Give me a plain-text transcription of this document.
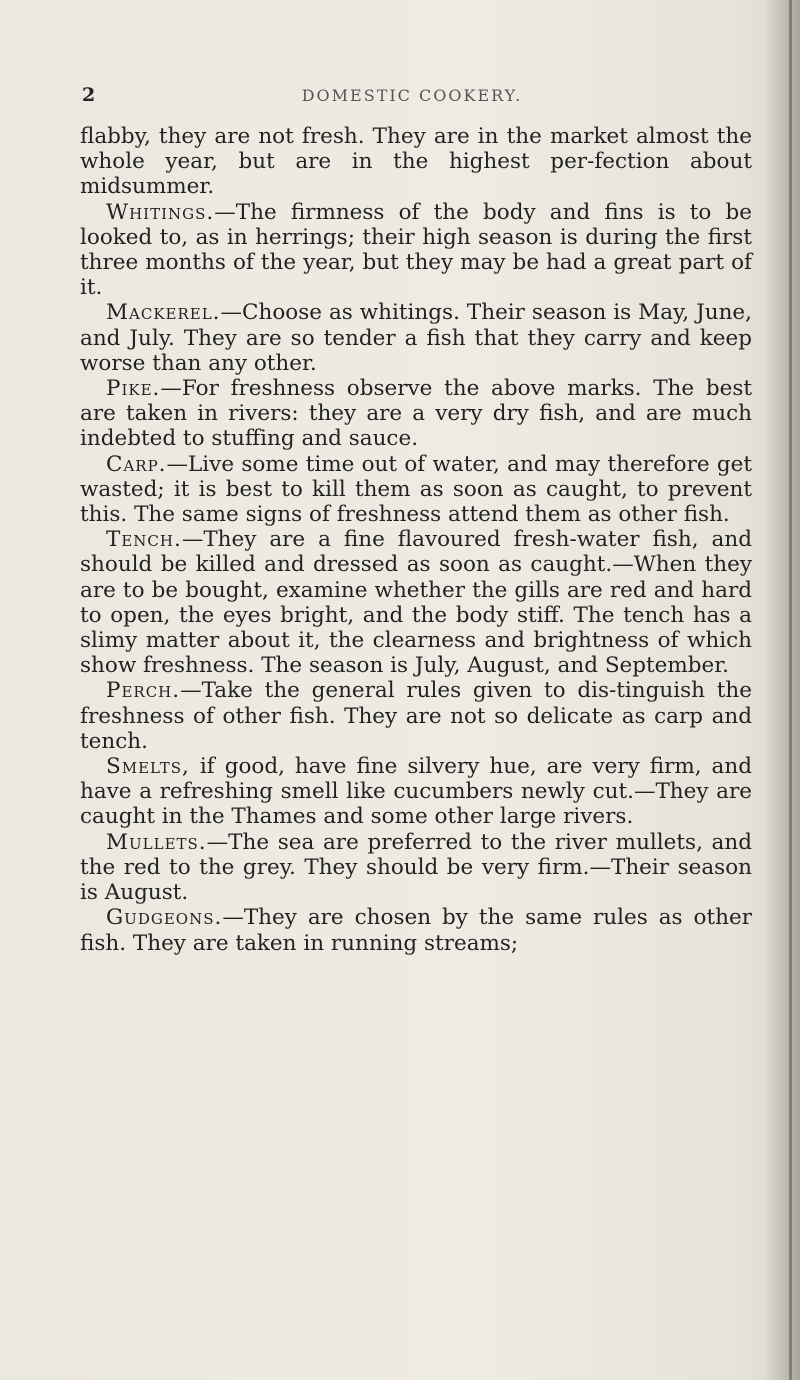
2	DOMESTIC COOKERY.

flabby, they are not fresh. They are in the market almost the whole year, but are in the highest per-fection about midsummer.

Whitings.—The firmness of the body and fins is to be looked to, as in herrings; their high season is during the first three months of the year, but they may be had a great part of it.

Mackerel.—Choose as whitings. Their season is May, June, and July. They are so tender a fish that they carry and keep worse than any other.

Pike.—For freshness observe the above marks. The best are taken in rivers: they are a very dry fish, and are much indebted to stuffing and sauce.

Carp.—Live some time out of water, and may therefore get wasted; it is best to kill them as soon as caught, to prevent this. The same signs of freshness attend them as other fish.

Tench.—They are a fine flavoured fresh-water fish, and should be killed and dressed as soon as caught.—When they are to be bought, examine whether the gills are red and hard to open, the eyes bright, and the body stiff. The tench has a slimy matter about it, the clearness and brightness of which show freshness. The season is July, August, and September.

Perch.—Take the general rules given to dis-tinguish the freshness of other fish. They are not so delicate as carp and tench.

Smelts, if good, have fine silvery hue, are very firm, and have a refreshing smell like cucumbers newly cut.—They are caught in the Thames and some other large rivers.

Mullets.—The sea are preferred to the river mullets, and the red to the grey. They should be very firm.—Their season is August.

Gudgeons.—They are chosen by the same rules as other fish. They are taken in running streams;
